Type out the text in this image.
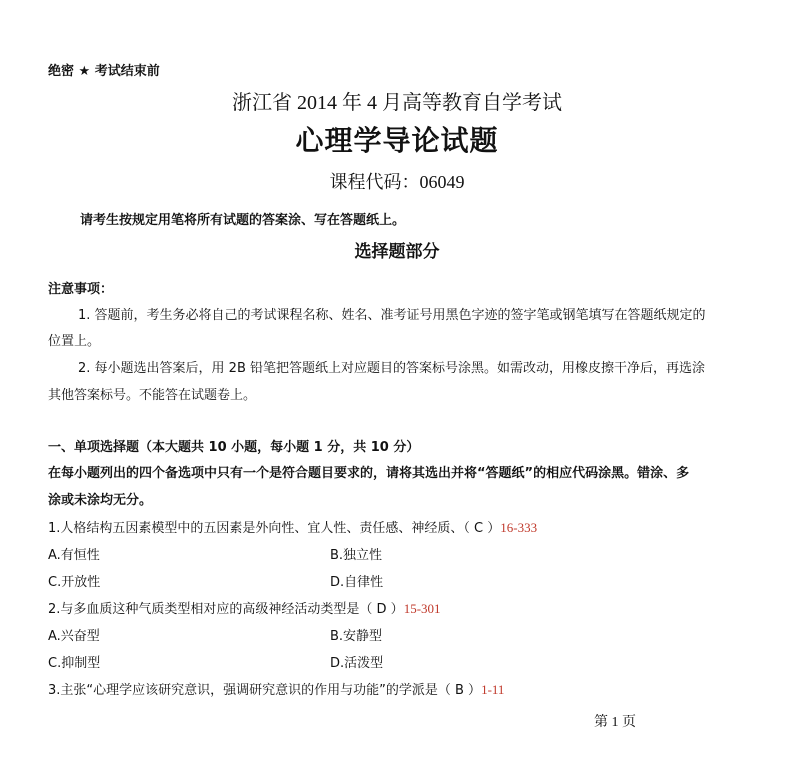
绝密 ★ 考试结束前
浙江省 2014 年 4 月高等教育自学考试
心理学导论试题
课程代码：06049
请考生按规定用笔将所有试题的答案涂、写在答题纸上。
选择题部分
注意事项：
1. 答题前，考生务必将自己的考试课程名称、姓名、准考证号用黑色字迹的签字笔或钢笔填写在答题纸规定的
位置上。
2. 每小题选出答案后，用 2B 铅笔把答题纸上对应题目的答案标号涂黑。如需改动，用橡皮擦干净后，再选涂
其他答案标号。不能答在试题卷上。
一、单项选择题（本大题共 10 小题，每小题 1 分，共 10 分）
在每小题列出的四个备选项中只有一个是符合题目要求的，请将其选出并将“答题纸”的相应代码涂黑。错涂、多
涂或未涂均无分。
1.人格结构五因素模型中的五因素是外向性、宜人性、责任感、神经质、（ C ）16-333
A.有恒性	B.独立性
C.开放性	D.自律性
2.与多血质这种气质类型相对应的高级神经活动类型是（ D ）15-301
A.兴奋型	B.安静型
C.抑制型	D.活泼型
3.主张“心理学应该研究意识，强调研究意识的作用与功能”的学派是（ B ）1-11
第 1 页
